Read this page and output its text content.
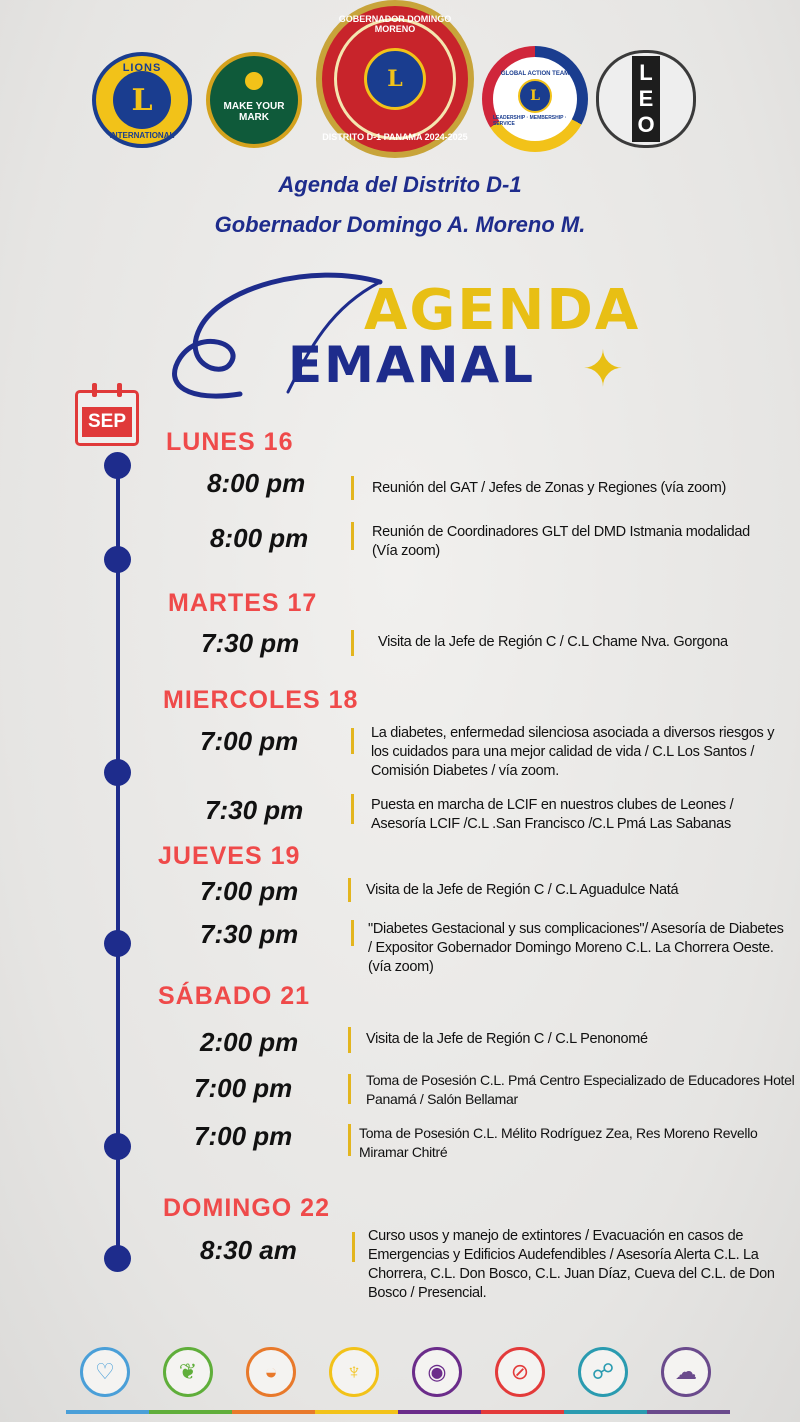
LIONS
L
INTERNATIONAL
MAKE YOUR MARK
GOBERNADOR DOMINGO MORENO
L
DISTRITO D-1 PANAMA 2024-2025
GLOBAL ACTION TEAM
L
LEADERSHIP · MEMBERSHIP · SERVICE
L
E
O
Agenda del Distrito D-1
Gobernador Domingo A. Moreno M.
AGENDA
EMANAL ✦
SEP
LUNES 16
8:00 pm	Reunión del GAT / Jefes de Zonas y Regiones (vía zoom)
8:00 pm	Reunión de Coordinadores GLT del DMD Istmania modalidad (Vía zoom)
MARTES 17
7:30 pm	Visita de la Jefe de Región C / C.L Chame Nva. Gorgona
MIERCOLES 18
7:00 pm	La diabetes, enfermedad silenciosa asociada a diversos riesgos y los cuidados para una mejor calidad de vida / C.L Los Santos / Comisión Diabetes / vía zoom.
7:30 pm	Puesta en marcha de LCIF en nuestros clubes de Leones / Asesoría LCIF /C.L .San Francisco /C.L Pmá Las Sabanas
JUEVES 19
7:00 pm	Visita de la Jefe de Región C / C.L Aguadulce Natá
7:30 pm	"Diabetes Gestacional y sus complicaciones"/ Asesoría de Diabetes / Expositor Gobernador Domingo Moreno C.L. La Chorrera Oeste. (vía zoom)
SÁBADO 21
2:00 pm	Visita de la Jefe de Región C / C.L Penonomé
7:00 pm	Toma de Posesión C.L. Pmá Centro Especializado de Educadores Hotel Panamá / Salón Bellamar
7:00 pm	Toma de Posesión C.L. Mélito Rodríguez Zea, Res Moreno Revello Miramar Chitré
DOMINGO 22
8:30 am	Curso usos y manejo de extintores / Evacuación en casos de Emergencias y Edificios Audefendibles / Asesoría Alerta C.L. La Chorrera, C.L. Don Bosco, C.L. Juan Díaz, Cueva del C.L. de Don Bosco / Presencial.
♡	❦	◒	♆	◉	⊘	☍	☁
